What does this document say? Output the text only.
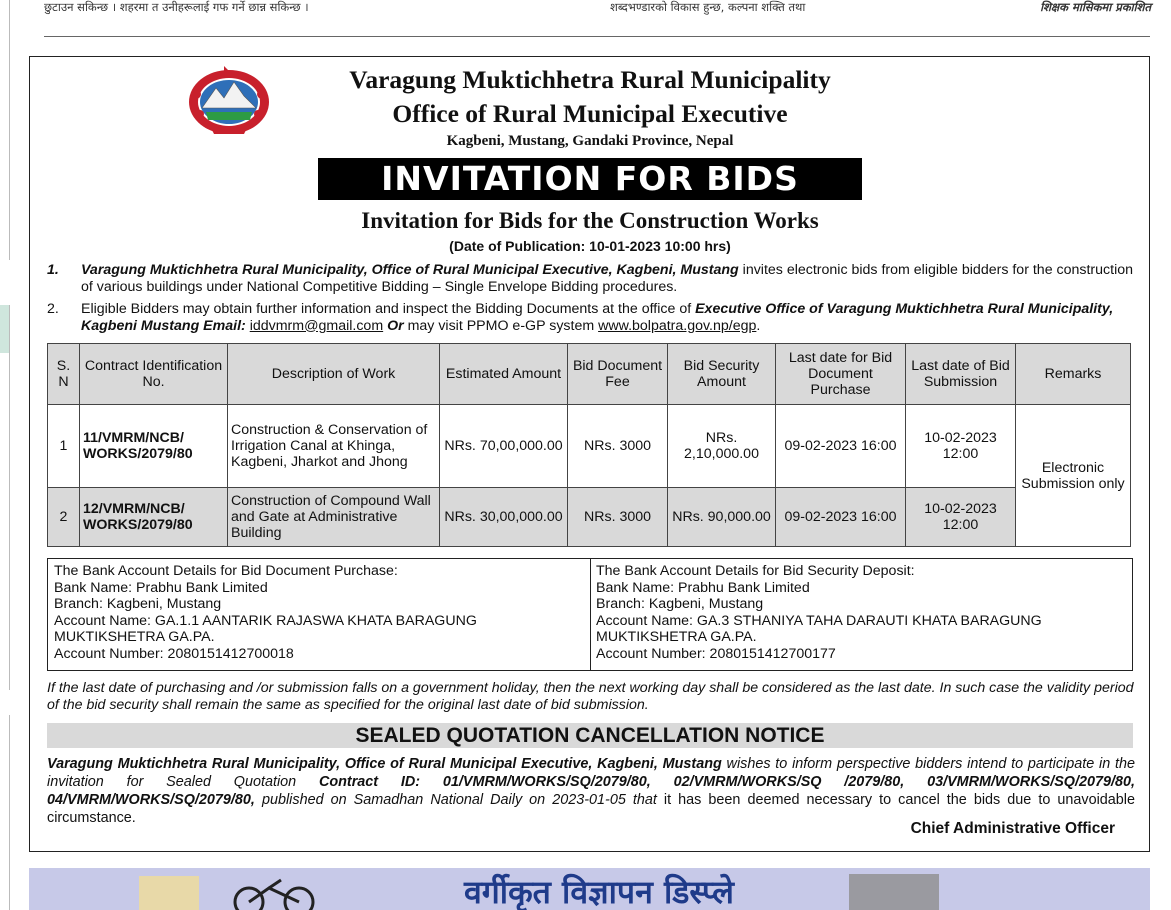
छुटाउन सकिन्छ । शहरमा त उनीहरूलाई गफ गर्ने छान्न सकिन्छ ।	शब्दभण्डारको विकास हुन्छ, कल्पना शक्ति तथा	शिक्षक मासिकमा प्रकाशित
Varagung Muktichhetra Rural Municipality
Office of Rural Municipal Executive
Kagbeni, Mustang, Gandaki Province, Nepal
INVITATION FOR BIDS
Invitation for Bids for the Construction Works
(Date of Publication: 10-01-2023 10:00 hrs)
1. Varagung Muktichhetra Rural Municipality, Office of Rural Municipal Executive, Kagbeni, Mustang invites electronic bids from eligible bidders for the construction of various buildings under National Competitive Bidding – Single Envelope Bidding procedures.
2. Eligible Bidders may obtain further information and inspect the Bidding Documents at the office of Executive Office of Varagung Muktichhetra Rural Municipality, Kagbeni Mustang Email: iddvmrm@gmail.com Or may visit PPMO e-GP system www.bolpatra.gov.np/egp.
S. N	Contract Identification No.	Description of Work	Estimated Amount	Bid Document Fee	Bid Security Amount	Last date for Bid Document Purchase	Last date of Bid Submission	Remarks
1	11/VMRM/NCB/ WORKS/2079/80	Construction & Conservation of Irrigation Canal at Khinga, Kagbeni, Jharkot and Jhong	NRs. 70,00,000.00	NRs. 3000	NRs. 2,10,000.00	09-02-2023 16:00	10-02-2023 12:00	Electronic Submission only
2	12/VMRM/NCB/ WORKS/2079/80	Construction of Compound Wall and Gate at Administrative Building	NRs. 30,00,000.00	NRs. 3000	NRs. 90,000.00	09-02-2023 16:00	10-02-2023 12:00	
The Bank Account Details for Bid Document Purchase:
Bank Name: Prabhu Bank Limited
Branch: Kagbeni, Mustang
Account Name: GA.1.1 AANTARIK RAJASWA KHATA BARAGUNG
MUKTIKSHETRA GA.PA.
Account Number: 2080151412700018
The Bank Account Details for Bid Security Deposit:
Bank Name: Prabhu Bank Limited
Branch: Kagbeni, Mustang
Account Name: GA.3 STHANIYA TAHA DARAUTI KHATA BARAGUNG
MUKTIKSHETRA GA.PA.
Account Number: 2080151412700177
If the last date of purchasing and /or submission falls on a government holiday, then the next working day shall be considered as the last date. In such case the validity period of the bid security shall remain the same as specified for the original last date of bid submission.
SEALED QUOTATION CANCELLATION NOTICE
Varagung Muktichhetra Rural Municipality, Office of Rural Municipal Executive, Kagbeni, Mustang wishes to inform perspective bidders intend to participate in the invitation for Sealed Quotation Contract ID: 01/VMRM/WORKS/SQ/2079/80, 02/VMRM/WORKS/SQ /2079/80, 03/VMRM/WORKS/SQ/2079/80, 04/VMRM/WORKS/SQ/2079/80, published on Samadhan National Daily on 2023-01-05 that it has been deemed necessary to cancel the bids due to unavoidable circumstance.
Chief Administrative Officer
वर्गीकृत विज्ञापन डिस्प्ले
